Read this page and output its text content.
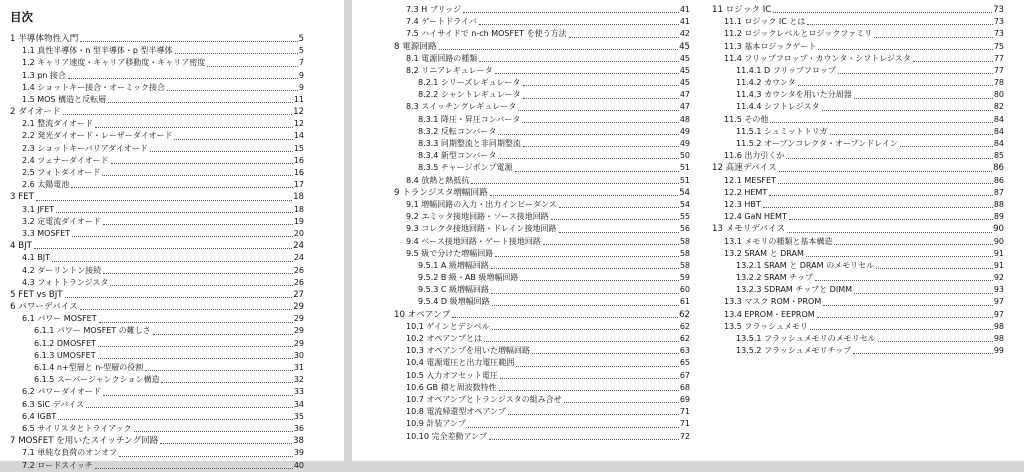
目次
1 半導体物性入門	5
1.1 真性半導体・n 型半導体・p 型半導体	5
1.2 キャリア速度・キャリア移動度・キャリア密度	7
1.3 pn 接合	9
1.4 ショットキー接合・オーミック接合	9
1.5 MOS 構造と反転層	11
2 ダイオード	12
2.1 整流ダイオード	12
2.2 発光ダイオード・レーザーダイオード	14
2.3 ショットキーバリアダイオード	15
2.4 ツェナーダイオード	16
2.5 フォトダイオード	16
2.6 太陽電池	17
3 FET	18
3.1 JFET	18
3.2 定電流ダイオード	19
3.3 MOSFET	20
4 BJT	24
4.1 BJT	24
4.2 ダーリントン接続	26
4.3 フォトトランジスタ	26
5 FET vs BJT	27
6 パワーデバイス	29
6.1 パワー MOSFET	29
6.1.1 パワー MOSFET の難しさ	29
6.1.2 DMOSFET	29
6.1.3 UMOSFET	30
6.1.4 n+型層と n-型層の役割	31
6.1.5 スーパージャンクション構造	32
6.2 パワーダイオード	33
6.3 SiC デバイス	34
6.4 IGBT	35
6.5 サイリスタとトライアック	36
7 MOSFET を用いたスイッチング回路	38
7.1 単純な負荷のオンオフ	39
7.2 ロードスイッチ	40
7.3 H ブリッジ	41
7.4 ゲートドライバ	41
7.5 ハイサイドで n-ch MOSFET を使う方法	42
8 電源回路	45
8.1 電源回路の種類	45
8.2 リニアレギュレータ	45
8.2.1 シリーズレギュレータ	45
8.2.2 シャントレギュレータ	47
8.3 スイッチングレギュレータ	47
8.3.1 降圧・昇圧コンバータ	48
8.3.2 反転コンバータ	49
8.3.3 同期整流と非同期整流	49
8.3.4 新型コンバータ	50
8.3.5 チャージポンプ電源	51
8.4 放熱と熱抵抗	51
9 トランジスタ増幅回路	54
9.1 増幅回路の入力・出力インピーダンス	54
9.2 エミッタ接地回路・ソース接地回路	55
9.3 コレクタ接地回路・ドレイン接地回路	56
9.4 ベース接地回路・ゲート接地回路	58
9.5 級で分けた増幅回路	58
9.5.1 A 級増幅回路	58
9.5.2 B 級・AB 級増幅回路	59
9.5.3 C 級増幅回路	60
9.5.4 D 級増幅回路	61
10 オペアンプ	62
10.1 ゲインとデシベル	62
10.2 オペアンプとは	62
10.3 オペアンプを用いた増幅回路	63
10.4 電源電圧と出力電圧範囲	65
10.5 入力オフセット電圧	67
10.6 GB 積と周波数特性	68
10.7 オペアンプとトランジスタの組み合せ	69
10.8 電流帰還型オペアンプ	71
10.9 計装アンプ	71
10.10 完全差動アンプ	72
11 ロジック IC	73
11.1 ロジック IC とは	73
11.2 ロジックレベルとロジックファミリ	73
11.3 基本ロジックゲート	75
11.4 フリップフロップ・カウンタ・シフトレジスタ	77
11.4.1 D フリップフロップ	77
11.4.2 カウンタ	78
11.4.3 カウンタを用いた分周器	80
11.4.4 シフトレジスタ	82
11.5 その他	84
11.5.1 シュミットトリガ	84
11.5.2 オープンコレクタ・オープンドレイン	84
11.6 出力引くか	85
12 高速デバイス	86
12.1 MESFET	86
12.2 HEMT	87
12.3 HBT	88
12.4 GaN HEMT	89
13 メモリデバイス	90
13.1 メモリの種類と基本構造	90
13.2 SRAM と DRAM	91
13.2.1 SRAM と DRAM のメモリセル	91
13.2.2 SRAM チップ	92
13.2.3 SDRAM チップと DIMM	93
13.3 マスク ROM・PROM	97
13.4 EPROM・EEPROM	97
13.5 フラッシュメモリ	98
13.5.1 フラッシュメモリのメモリセル	98
13.5.2 フラッシュメモリチップ	99
